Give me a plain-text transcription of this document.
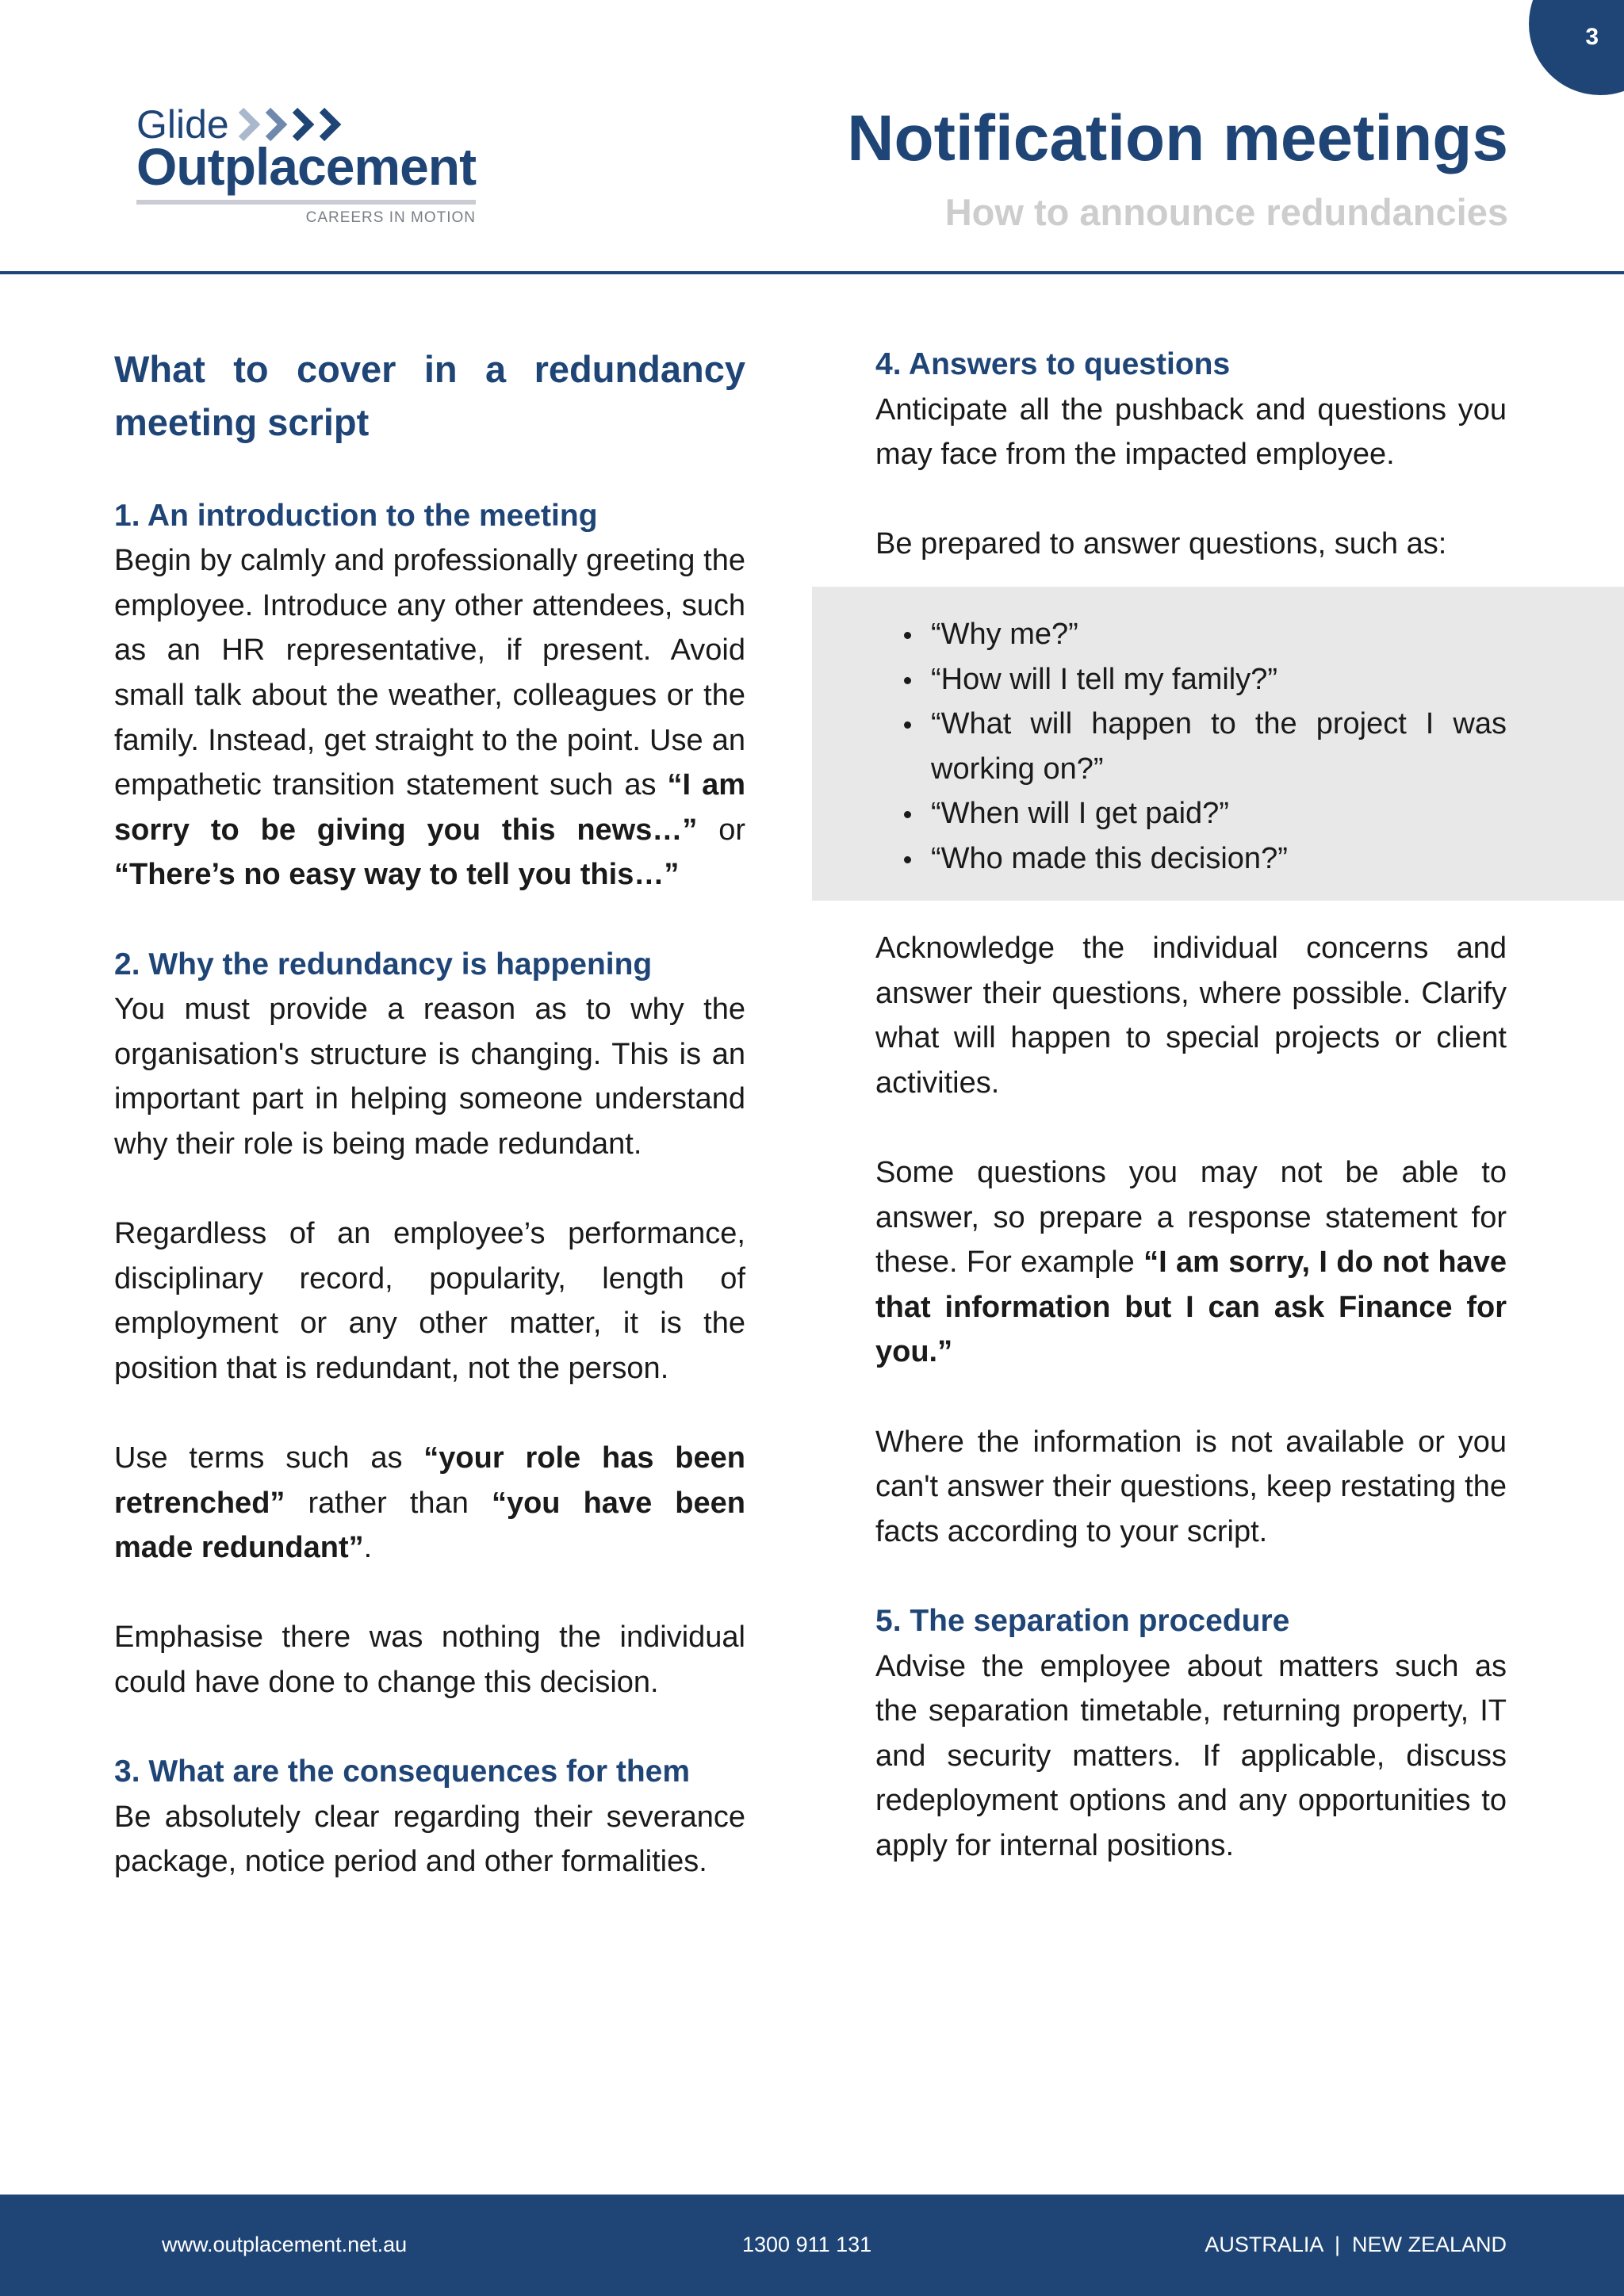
3
Glide
Outplacement
CAREERS IN MOTION
Notification meetings
How to announce redundancies
What to cover in a redundancy meeting script
1. An introduction to the meeting

Begin by calmly and professionally greeting the employee. Introduce any other attendees, such as an HR representative, if present. Avoid small talk about the weather, colleagues or the family. Instead, get straight to the point. Use an empathetic transition statement such as “I am sorry to be giving you this news…” or “There’s no easy way to tell you this…”

2. Why the redundancy is happening

You must provide a reason as to why the organisation's structure is changing. This is an important part in helping someone understand why their role is being made redundant.

Regardless of an employee’s performance, disciplinary record, popularity, length of employment or any other matter, it is the position that is redundant, not the person.

Use terms such as “your role has been retrenched” rather than “you have been made redundant”.

Emphasise there was nothing the individual could have done to change this decision.

3. What are the consequences for them

Be absolutely clear regarding their severance package, notice period and other formalities.

4. Answers to questions

Anticipate all the pushback and questions you may face from the impacted employee.

Be prepared to answer questions, such as:

“Why me?”
“How will I tell my family?”
“What will happen to the project I was working on?”
“When will I get paid?”
“Who made this decision?”

Acknowledge the individual concerns and answer their questions, where possible. Clarify what will happen to special projects or client activities.

Some questions you may not be able to answer, so prepare a response statement for these. For example “I am sorry, I do not have that information but I can ask Finance for you.”

Where the information is not available or you can't answer their questions, keep restating the facts according to your script.

5. The separation procedure

Advise the employee about matters such as the separation timetable, returning property, IT and security matters. If applicable, discuss redeployment options and any opportunities to apply for internal positions.

www.outplacement.net.au	1300 911 131	AUSTRALIA  |  NEW ZEALAND
